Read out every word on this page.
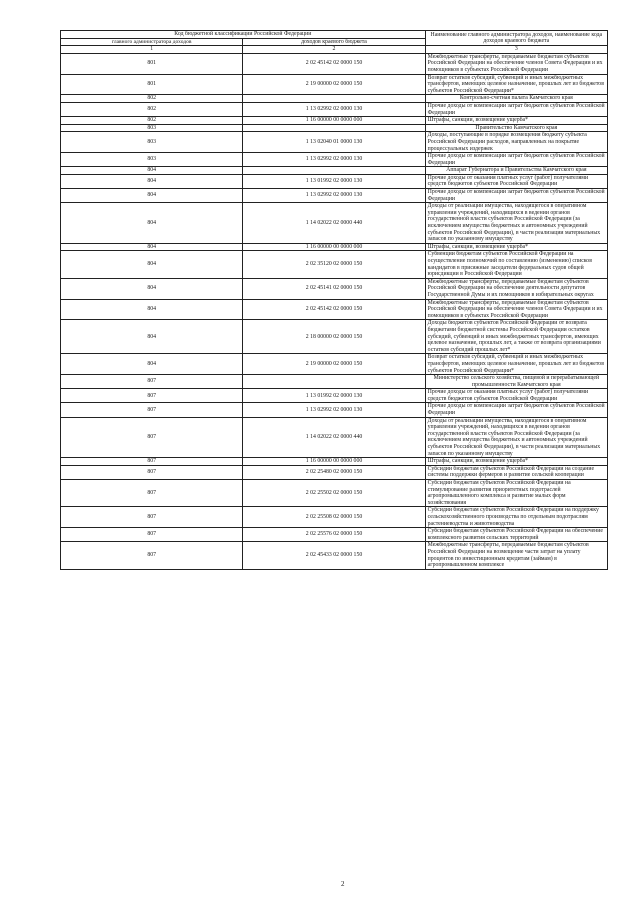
Код бюджетной классификации Российской Федерации		Наименование главного администратора доходов, наименование кода доходов краевого бюджета
главного администратора доходов	доходов краевого бюджета	
1	2	3
801	2 02 45142 02 0000 150	Межбюджетные трансферты, передаваемые бюджетам субъектов Российской Федерации на обеспечение членов Совета Федерации и их помощников в субъектах Российской Федерации
801	2 19 00000 02 0000 150	Возврат остатков субсидий, субвенций и иных межбюджетных трансфертов, имеющих целевое назначение, прошлых лет из бюджетов субъектов Российской Федерации*
802		Контрольно-счетная палата Камчатского края
802	1 13 02992 02 0000 130	Прочие доходы от компенсации затрат бюджетов субъектов Российской Федерации
802	1 16 00000 00 0000 000	Штрафы, санкции, возмещение ущерба*
803		Правительство Камчатского края
803	1 13 02040 01 0000 130	Доходы, поступающие в порядке возмещения бюджету субъекта Российской Федерации расходов, направленных на покрытие процессуальных издержек
803	1 13 02992 02 0000 130	Прочие доходы от компенсации затрат бюджетов субъектов Российской Федерации
804		Аппарат Губернатора и Правительства Камчатского края
804	1 13 01992 02 0000 130	Прочие доходы от оказания платных услуг (работ) получателями средств бюджетов субъектов Российской Федерации
804	1 13 02992 02 0000 130	Прочие доходы от компенсации затрат бюджетов субъектов Российской Федерации
804	1 14 02022 02 0000 440	Доходы от реализации имущества, находящегося в оперативном управлении учреждений, находящихся в ведении органов государственной власти субъектов Российской Федерации (за исключением имущества бюджетных и автономных учреждений субъектов Российской Федерации), в части реализации материальных запасов по указанному имуществу
804	1 16 00000 00 0000 000	Штрафы, санкции, возмещение ущерба*
804	2 02 35120 02 0000 150	Субвенции бюджетам субъектов Российской Федерации на осуществление полномочий по составлению (изменению) списков кандидатов в присяжные заседатели федеральных судов общей юрисдикции в Российской Федерации
804	2 02 45141 02 0000 150	Межбюджетные трансферты, передаваемые бюджетам субъектов Российской Федерации на обеспечение деятельности депутатов Государственной Думы и их помощников в избирательных округах
804	2 02 45142 02 0000 150	Межбюджетные трансферты, передаваемые бюджетам субъектов Российской Федерации на обеспечение членов Совета Федерации и их помощников в субъектах Российской Федерации
804	2 18 00000 02 0000 150	Доходы бюджетов субъектов Российской Федерации от возврата бюджетами бюджетной системы Российской Федерации остатков субсидий, субвенций и иных межбюджетных трансфертов, имеющих целевое назначение, прошлых лет, а также от возврата организациями остатков субсидий прошлых лет*
804	2 19 00000 02 0000 150	Возврат остатков субсидий, субвенций и иных межбюджетных трансфертов, имеющих целевое назначение, прошлых лет из бюджетов субъектов Российской Федерации*
807		Министерство сельского хозяйства, пищевой и перерабатывающей промышленности Камчатского края
807	1 13 01992 02 0000 130	Прочие доходы от оказания платных услуг (работ) получателями средств бюджетов субъектов Российской Федерации
807	1 13 02992 02 0000 130	Прочие доходы от компенсации затрат бюджетов субъектов Российской Федерации
807	1 14 02022 02 0000 440	Доходы от реализации имущества, находящегося в оперативном управлении учреждений, находящихся в ведении органов государственной власти субъектов Российской Федерации (за исключением имущества бюджетных и автономных учреждений субъектов Российской Федерации), в части реализации материальных запасов по указанному имуществу
807	1 16 00000 00 0000 000	Штрафы, санкции, возмещение ущерба*
807	2 02 25480 02 0000 150	Субсидии бюджетам субъектов Российской Федерации на создание системы поддержки фермеров и развитие сельской кооперации
807	2 02 25502 02 0000 150	Субсидии бюджетам субъектов Российской Федерации на стимулирование развития приоритетных подотраслей агропромышленного комплекса и развитие малых форм хозяйствования
807	2 02 25508 02 0000 150	Субсидии бюджетам субъектов Российской Федерации на поддержку сельскохозяйственного производства по отдельным подотраслям растениеводства и животноводства
807	2 02 25576 02 0000 150	Субсидии бюджетам субъектов Российской Федерации на обеспечение комплексного развития сельских территорий
807	2 02 45433 02 0000 150	Межбюджетные трансферты, передаваемые бюджетам субъектов Российской Федерации на возмещение части затрат на уплату процентов по инвестиционным кредитам (займам) в агропромышленном комплексе
2
